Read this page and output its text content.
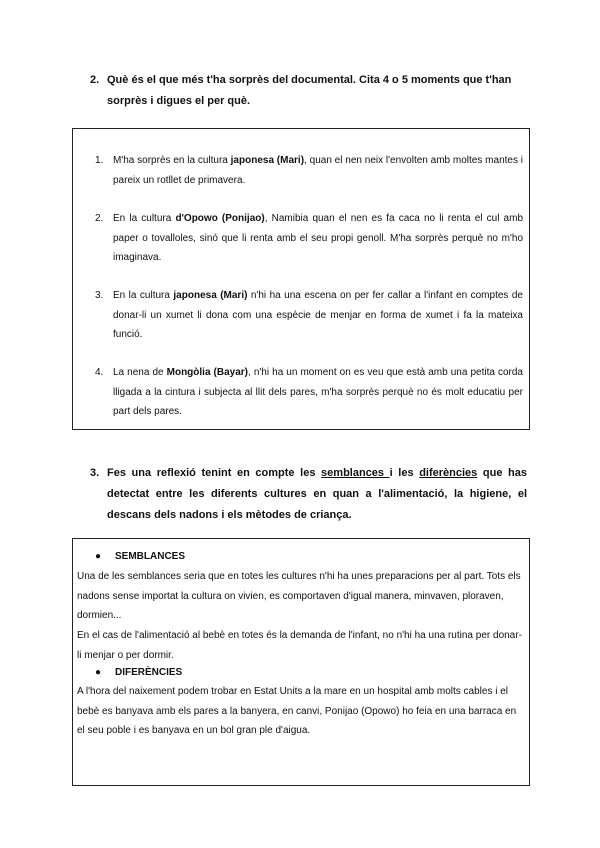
2. Què és el que més t'ha sorprès del documental. Cita 4 o 5 moments que t'han sorprès i digues el per què.
1. M'ha sorprès en la cultura japonesa (Mari), quan el nen neix l'envolten amb moltes mantes i pareix un rotllet de primavera.
2. En la cultura d'Opowo (Ponijao), Namibia quan el nen es fa caca no li renta el cul amb paper o tovalloles, sinó que li renta amb el seu propi genoll. M'ha sorprès perquè no m'ho imaginava.
3. En la cultura japonesa (Mari) n'hi ha una escena on per fer callar a l'infant en comptes de donar-li un xumet li dona com una espècie de menjar en forma de xumet i fa la mateixa funció.
4. La nena de Mongòlia (Bayar), n'hi ha un moment on es veu que està amb una petita corda lligada a la cintura i subjecta al llit dels pares, m'ha sorprès perquè no és molt educatiu per part dels pares.
3. Fes una reflexió tenint en compte les semblances i les diferències que has detectat entre les diferents cultures en quan a l'alimentació, la higiene, el descans dels nadons i els mètodes de criança.
● SEMBLANCES
Una de les semblances seria que en totes les cultures n'hi ha unes preparacions per al part. Tots els nadons sense importat la cultura on vivien, es comportaven d'igual manera, minvaven, ploraven, dormien...
En el cas de l'alimentació al bebè en totes és la demanda de l'infant, no n'hi ha una rutina per donar-li menjar o per dormir.
● DIFERÈNCIES
A l'hora del naixement podem trobar en Estat Units a la mare en un hospital amb molts cables i el bebè es banyava amb els pares a la banyera, en canvi, Ponijao (Opowo) ho feia en una barraca en el seu poble i es banyava en un bol gran ple d'aigua.
